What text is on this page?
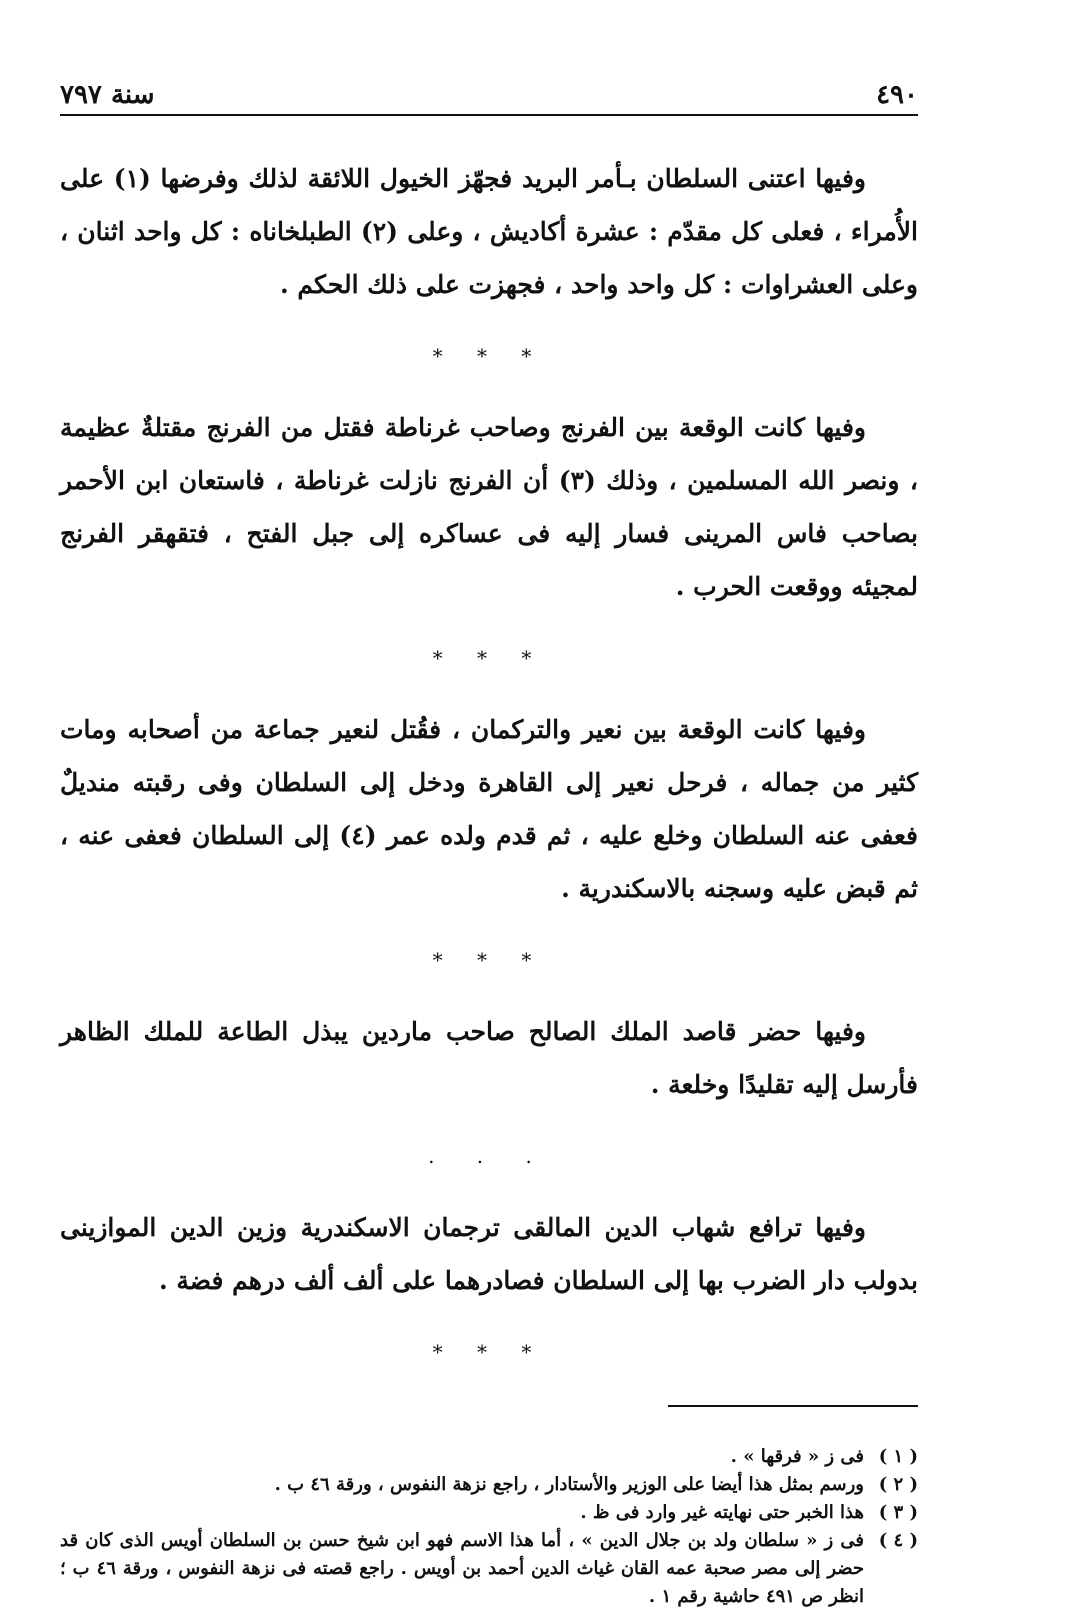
٤٩٠
سنة ٧٩٧

وفيها اعتنى السلطان بـأمر البريد فجهّز الخيول اللائقة لذلك وفرضها (١) على الأُمراء ، فعلى كل مقدّم : عشرة أكاديش ، وعلى (٢) الطبلخاناه : كل واحد اثنان ، وعلى العشراوات : كل واحد واحد ، فجهزت على ذلك الحكم .

* * *

وفيها كانت الوقعة بين الفرنج وصاحب غرناطة فقتل من الفرنج مقتلةٌ عظيمة ، ونصر الله المسلمين ، وذلك (٣) أن الفرنج نازلت غرناطة ، فاستعان ابن الأحمر بصاحب فاس المرينى فسار إليه فى عساكره إلى جبل الفتح ، فتقهقر الفرنج لمجيئه ووقعت الحرب .

* * *

وفيها كانت الوقعة بين نعير والتركمان ، فقُتل لنعير جماعة من أصحابه ومات كثير من جماله ، فرحل نعير إلى القاهرة ودخل إلى السلطان وفى رقبته منديلٌ فعفى عنه السلطان وخلع عليه ، ثم قدم ولده عمر (٤) إلى السلطان فعفى عنه ، ثم قبض عليه وسجنه بالاسكندرية .

* * *

وفيها حضر قاصد الملك الصالح صاحب ماردين يبذل الطاعة للملك الظاهر فأرسل إليه تقليدًا وخلعة .

. . .

وفيها ترافع شهاب الدين المالقى ترجمان الاسكندرية وزين الدين الموازينى بدولب دار الضرب بها إلى السلطان فصادرهما على ألف ألف درهم فضة .

* * *
( ١ )
فى ز « فرقها » .
( ٢ )
ورسم بمثل هذا أيضا على الوزير والأستادار ، راجع نزهة النفوس ، ورقة ٤٦ ب .
( ٣ )
هذا الخبر حتى نهايته غير وارد فى ظ .
( ٤ )
فى ز « سلطان ولد بن جلال الدين » ، أما هذا الاسم فهو ابن شيخ حسن بن السلطان أويس الذى كان قد حضر إلى مصر صحبة عمه القان غياث الدين أحمد بن أويس . راجع قصته فى نزهة النفوس ، ورقة ٤٦ ب ؛ انظر ص ٤٩١ حاشية رقم ١ .
